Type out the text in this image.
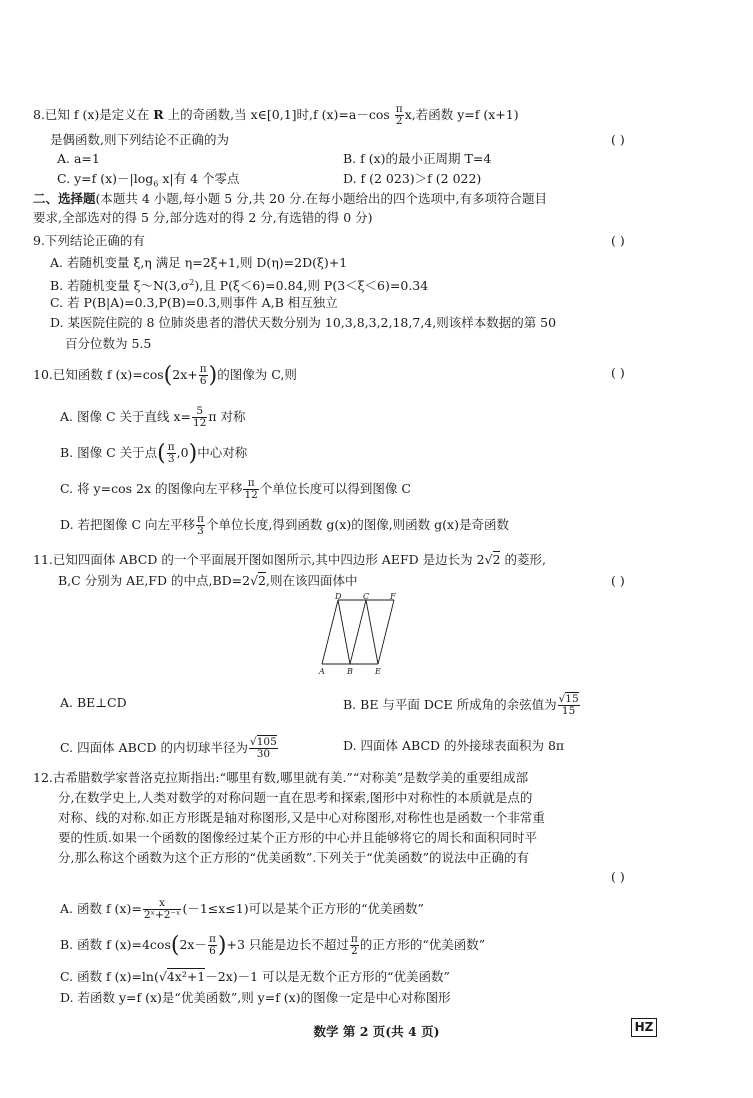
8.已知 f (x)是定义在 R 上的奇函数,当 x∈[0,1]时,f $(x)=a-\cos \frac{\pi}{2} x$,若函数 y=f (x+1)
是偶函数,则下列结论不正确的为	( )
A. a=1	B. f (x)的最小正周期 T=4
C. y=f $(x)-|\log_6$ x|有 4 个零点	D. f (2 023)＞f (2 022)
二、选择题(本题共 4 小题,每小题 5 分,共 20 分.在每小题给出的四个选项中,有多项符合题目
要求,全部选对的得 5 分,部分选对的得 2 分,有选错的得 0 分)
9.下列结论正确的有	( )
A. 若随机变量 ξ,η 满足 η=2ξ+1,则 D(η)=2D(ξ)+1
B. 若随机变量 $\xi\sim N(3,\sigma^2)$,且 P(ξ＜6)=0.84,则 P(3＜ξ＜6)=0.34
C. 若 P(B|A)=0.3,P(B)=0.3,则事件 A,B 相互独立
D. 某医院住院的 8 位肺炎患者的潜伏天数分别为 10,3,8,3,2,18,7,4,则该样本数据的第 50
百分位数为 5.5
10.已知函数 f $(x)=\cos(2x+ \frac{\pi}{6}$ )的图像为 C,则	( )
A. 图像 C 关于直线 $x= \frac{5}{12}$ π 对称
B. 图像 C 关于点( $\frac{\pi}{3} ,0$)中心对称
C. 将 y=cos 2x 的图像向左平移 $\frac{\pi}{12}$ 个单位长度可以得到图像 C
D. 若把图像 C 向左平移 $\frac{\pi}{3}$ 个单位长度,得到函数 g(x)的图像,则函数 g(x)是奇函数
11.已知四面体 ABCD 的一个平面展开图如图所示,其中四边形 AEFD 是边长为 2√2 的菱形,
B,C 分别为 AE,FD 的中点,BD=2√2,则在该四面体中	( )
D	C	F
A	B	E
A. BE⊥CD	B. BE 与平面 DCE 所成角的余弦值为 $\frac{√15}{15}$
C. 四面体 ABCD 的内切球半径为 $\frac{√105}{30}$	D. 四面体 ABCD 的外接球表面积为 8π
12.古希腊数学家普洛克拉斯指出:“哪里有数,哪里就有美.”“对称美”是数学美的重要组成部
分,在数学史上,人类对数学的对称问题一直在思考和探索,图形中对称性的本质就是点的
对称、线的对称.如正方形既是轴对称图形,又是中心对称图形,对称性也是函数一个非常重
要的性质.如果一个函数的图像经过某个正方形的中心并且能够将它的周长和面积同时平
分,那么称这个函数为这个正方形的“优美函数”.下列关于“优美函数”的说法中正确的有
( )
A. 函数 f $(x)= \frac{x}{\text{2ˣ+2⁻ˣ}} (-1\le x\le 1)$可以是某个正方形的“优美函数”
B. 函数 f $(x)=4\cos(2x- \frac{\pi}{6} )+3$ 只能是边长不超过 $\frac{\pi}{2}$ 的正方形的“优美函数”
C. 函数 f (x)=ln(√4x²+1－2x)－1 可以是无数个正方形的“优美函数”
D. 若函数 y=f (x)是“优美函数”,则 y=f (x)的图像一定是中心对称图形
数学 第 2 页(共 4 页)	HZ
